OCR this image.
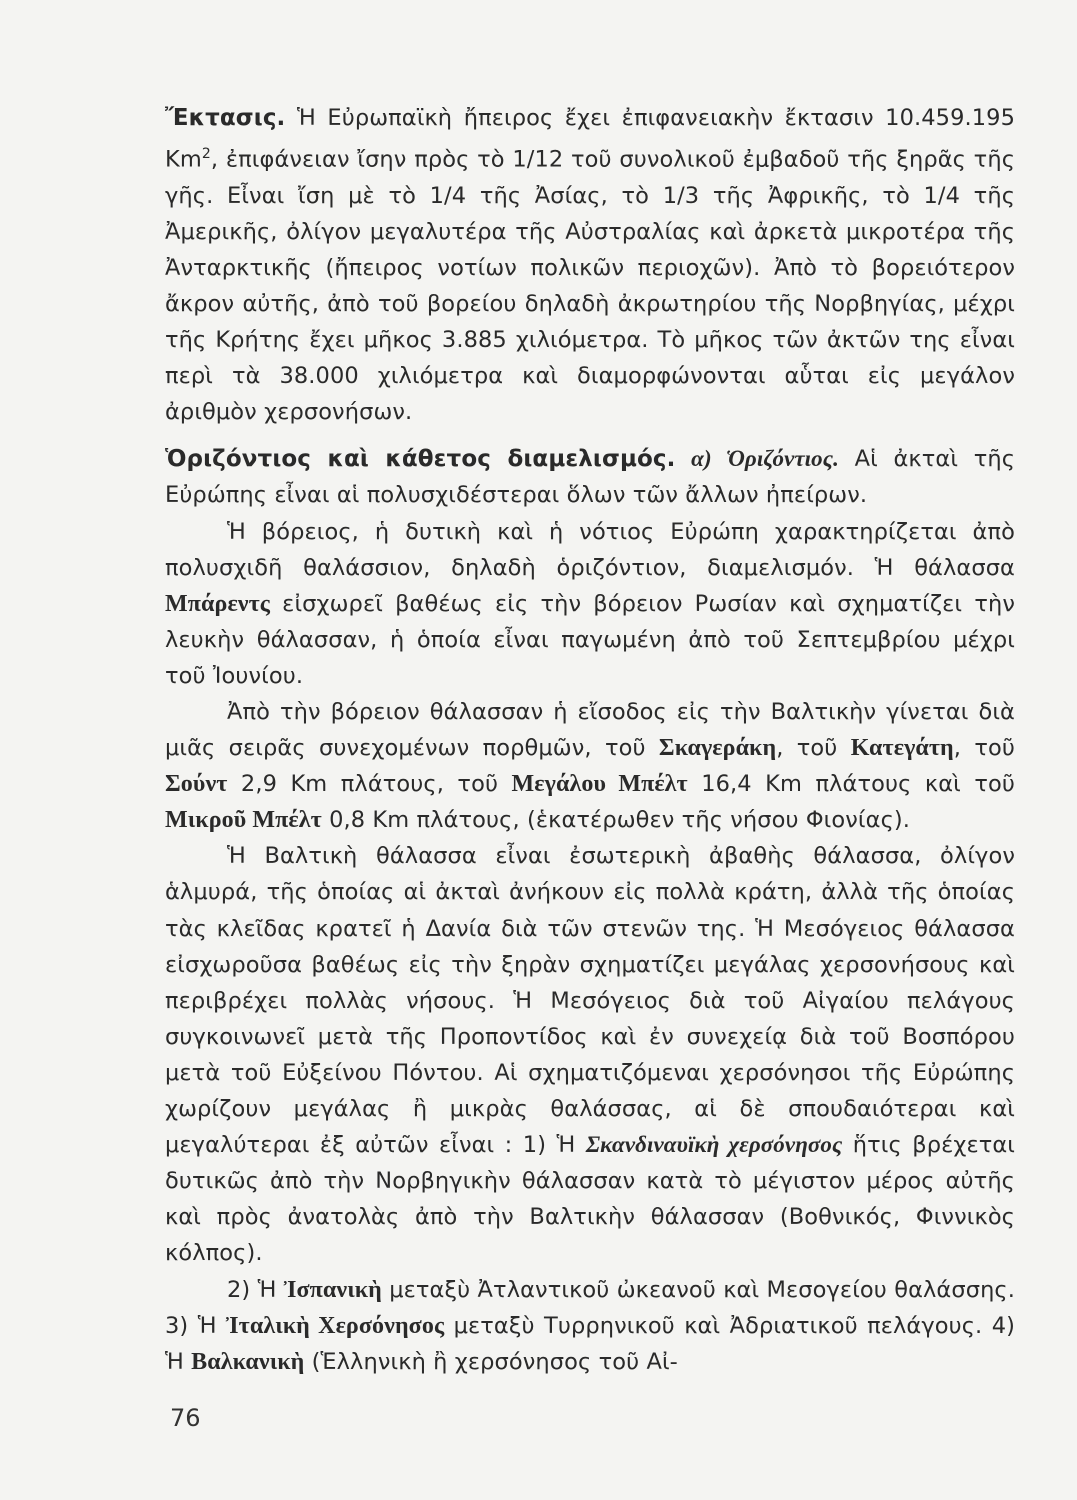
Ἔκτασις. Ἡ Εὐρωπαϊκὴ ἤπειρος ἔχει ἐπιφανειακὴν ἔκτασιν 10.459.195 Km$^2$, ἐπιφάνειαν ἴσην πρὸς τὸ 1/12 τοῦ συνολικοῦ ἐμβαδοῦ τῆς ξηρᾶς τῆς γῆς. Εἶναι ἴση μὲ τὸ 1/4 τῆς Ἀσίας, τὸ 1/3 τῆς Ἀφρικῆς, τὸ 1/4 τῆς Ἀμερικῆς, ὀλίγον μεγαλυτέρα τῆς Αὐστραλίας καὶ ἀρκετὰ μικροτέρα τῆς Ἀνταρκτικῆς (ἤπειρος νοτίων πολικῶν περιοχῶν). Ἀπὸ τὸ βορειότερον ἄκρον αὐτῆς, ἀπὸ τοῦ βορείου δηλαδὴ ἀκρωτηρίου τῆς Νορβηγίας, μέχρι τῆς Κρήτης ἔχει μῆκος 3.885 χιλιόμετρα. Τὸ μῆκος τῶν ἀκτῶν της εἶναι περὶ τὰ 38.000 χιλιόμετρα καὶ διαμορφώνονται αὗται εἰς μεγάλον ἀριθμὸν χερσονήσων.

Ὁριζόντιος καὶ κάθετος διαμελισμός. α) Ὁριζόντιος. Αἱ ἀκταὶ τῆς Εὐρώπης εἶναι αἱ πολυσχιδέστεραι ὅλων τῶν ἄλλων ἠπείρων.

Ἡ βόρειος, ἡ δυτικὴ καὶ ἡ νότιος Εὐρώπη χαρακτηρίζεται ἀπὸ πολυσχιδῆ θαλάσσιον, δηλαδὴ ὁριζόντιον, διαμελισμόν. Ἡ θάλασσα Μπάρεντς εἰσχωρεῖ βαθέως εἰς τὴν βόρειον Ρωσίαν καὶ σχηματίζει τὴν λευκὴν θάλασσαν, ἡ ὁποία εἶναι παγωμένη ἀπὸ τοῦ Σεπτεμβρίου μέχρι τοῦ Ἰουνίου.

Ἀπὸ τὴν βόρειον θάλασσαν ἡ εἴσοδος εἰς τὴν Βαλτικὴν γίνεται διὰ μιᾶς σειρᾶς συνεχομένων πορθμῶν, τοῦ Σκαγεράκη, τοῦ Κατεγάτη, τοῦ Σούντ 2,9 Km πλάτους, τοῦ Μεγάλου Μπέλτ 16,4 Km πλάτους καὶ τοῦ Μικροῦ Μπέλτ 0,8 Km πλάτους, (ἑκατέρωθεν τῆς νήσου Φιονίας).

Ἡ Βαλτικὴ θάλασσα εἶναι ἐσωτερικὴ ἀβαθὴς θάλασσα, ὀλίγον ἁλμυρά, τῆς ὁποίας αἱ ἀκταὶ ἀνήκουν εἰς πολλὰ κράτη, ἀλλὰ τῆς ὁποίας τὰς κλεῖδας κρατεῖ ἡ Δανία διὰ τῶν στενῶν της. Ἡ Μεσόγειος θάλασσα εἰσχωροῦσα βαθέως εἰς τὴν ξηρὰν σχηματίζει μεγάλας χερσονήσους καὶ περιβρέχει πολλὰς νήσους. Ἡ Μεσόγειος διὰ τοῦ Αἰγαίου πελάγους συγκοινωνεῖ μετὰ τῆς Προποντίδος καὶ ἐν συνεχείᾳ διὰ τοῦ Βοσπόρου μετὰ τοῦ Εὐξείνου Πόντου. Αἱ σχηματιζόμεναι χερσόνησοι τῆς Εὐρώπης χωρίζουν μεγάλας ἢ μικρὰς θαλάσσας, αἱ δὲ σπουδαιότεραι καὶ μεγαλύτεραι ἐξ αὐτῶν εἶναι : 1) Ἡ Σκανδιναυϊκὴ χερσόνησος ἥτις βρέχεται δυτικῶς ἀπὸ τὴν Νορβηγικὴν θάλασσαν κατὰ τὸ μέγιστον μέρος αὐτῆς καὶ πρὸς ἀνατολὰς ἀπὸ τὴν Βαλτικὴν θάλασσαν (Βοθνικός, Φιννικὸς κόλπος).

2) Ἡ Ἰσπανικὴ μεταξὺ Ἀτλαντικοῦ ὠκεανοῦ καὶ Μεσογείου θαλάσσης. 3) Ἡ Ἰταλικὴ Χερσόνησος μεταξὺ Τυρρηνικοῦ καὶ Ἀδριατικοῦ πελάγους. 4) Ἡ Βαλκανικὴ (Ἑλληνικὴ ἢ χερσόνησος τοῦ Αἰ-

76
